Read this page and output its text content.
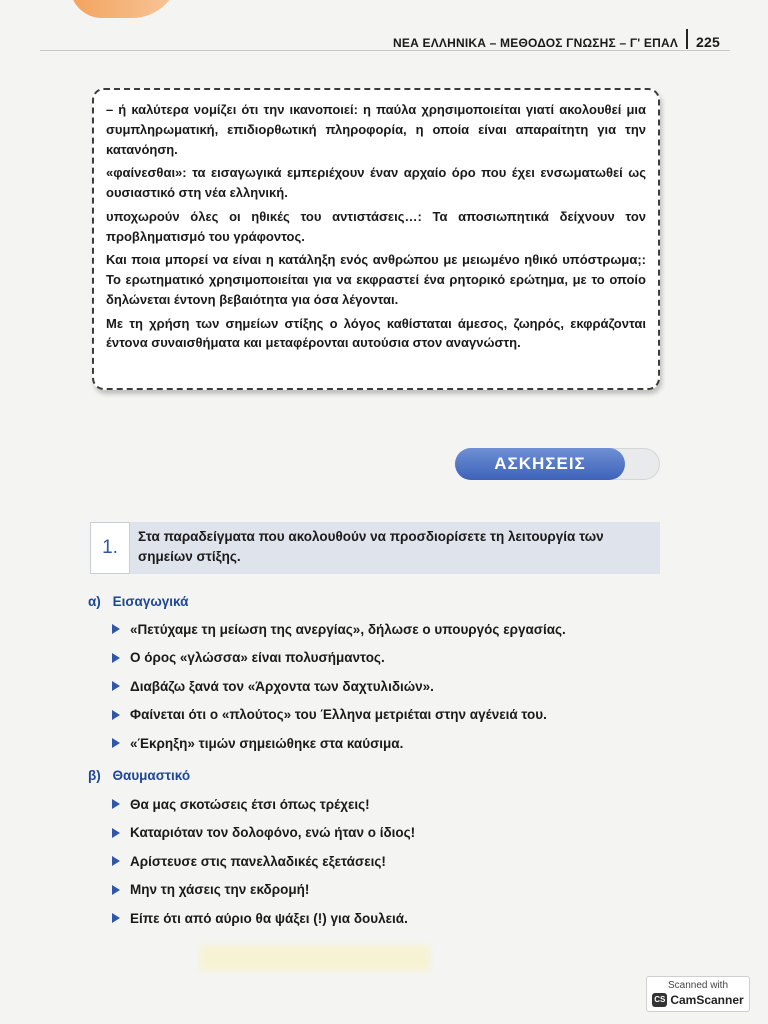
ΝΕΑ ΕΛΛΗΝΙΚΑ – ΜΕΘΟΔΟΣ ΓΝΩΣΗΣ – Γ' ΕΠΑΛ 225

– ή καλύτερα νομίζει ότι την ικανοποιεί: η παύλα χρησιμοποιείται γιατί ακολουθεί μια συμπληρωματική, επιδιορθωτική πληροφορία, η οποία είναι απαραίτητη για την κατανόηση.

«φαίνεσθαι»: τα εισαγωγικά εμπεριέχουν έναν αρχαίο όρο που έχει ενσωματωθεί ως ουσιαστικό στη νέα ελληνική.

υποχωρούν όλες οι ηθικές του αντιστάσεις…: Τα αποσιωπητικά δείχνουν τον προβληματισμό του γράφοντος.

Και ποια μπορεί να είναι η κατάληξη ενός ανθρώπου με μειωμένο ηθικό υπόστρωμα;: Το ερωτηματικό χρησιμοποιείται για να εκφραστεί ένα ρητορικό ερώτημα, με το οποίο δηλώνεται έντονη βεβαιότητα για όσα λέγονται.

Με τη χρήση των σημείων στίξης ο λόγος καθίσταται άμεσος, ζωηρός, εκφράζονται έντονα συναισθήματα και μεταφέρονται αυτούσια στον αναγνώστη.

ΑΣΚΗΣΕΙΣ
1.
Στα παραδείγματα που ακολουθούν να προσδιορίσετε τη λειτουργία των σημείων στίξης.
α) Εισαγωγικά
«Πετύχαμε τη μείωση της ανεργίας», δήλωσε ο υπουργός εργασίας.
Ο όρος «γλώσσα» είναι πολυσήμαντος.
Διαβάζω ξανά τον «Άρχοντα των δαχτυλιδιών».
Φαίνεται ότι ο «πλούτος» του Έλληνα μετριέται στην αγένειά του.
«Έκρηξη» τιμών σημειώθηκε στα καύσιμα.
β) Θαυμαστικό
Θα μας σκοτώσεις έτσι όπως τρέχεις!
Καταριόταν τον δολοφόνο, ενώ ήταν ο ίδιος!
Αρίστευσε στις πανελλαδικές εξετάσεις!
Μην τη χάσεις την εκδρομή!
Είπε ότι από αύριο θα ψάξει (!) για δουλειά.
Scanned with
CS CamScanner
